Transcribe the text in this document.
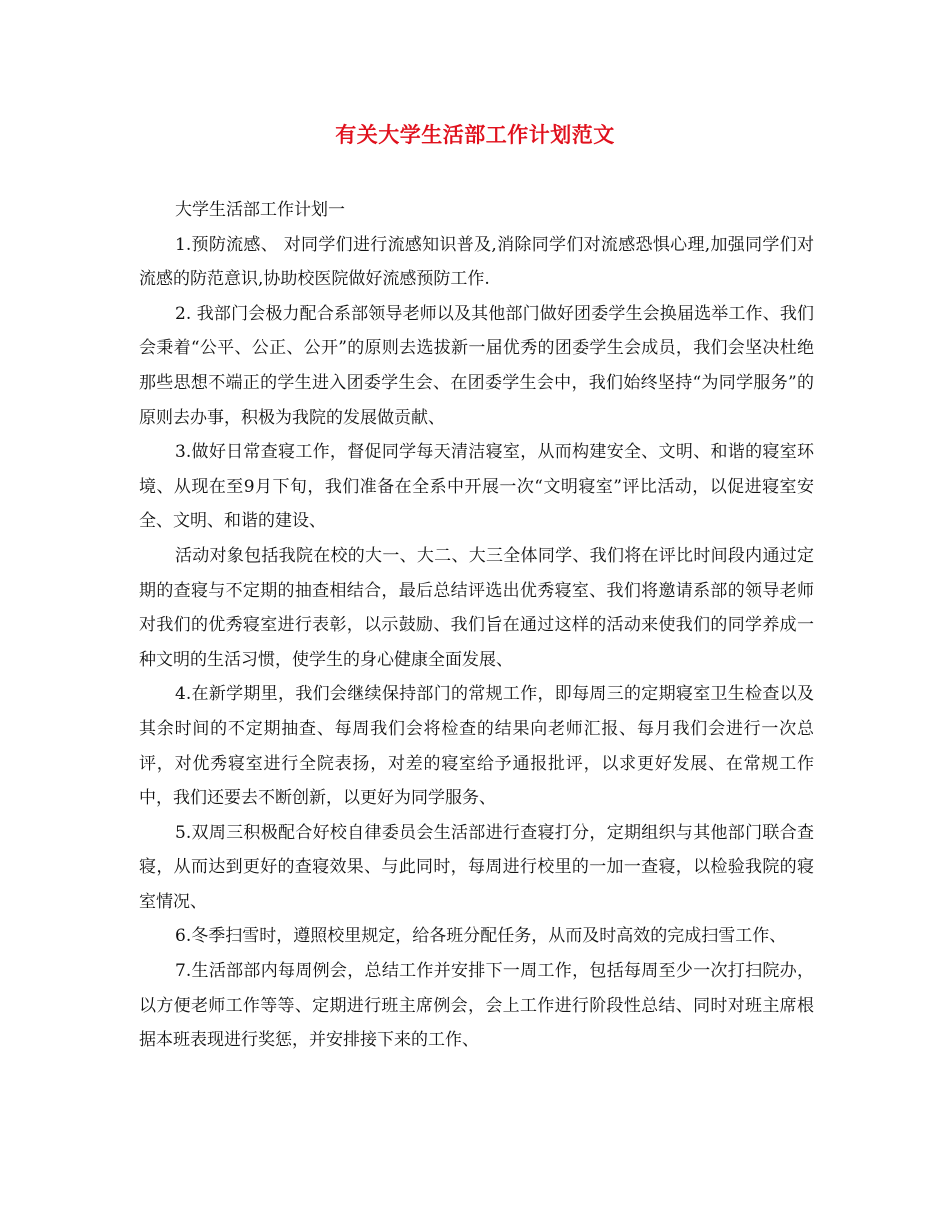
有关大学生活部工作计划范文

大学生活部工作计划一

1.预防流感、 对同学们进行流感知识普及,消除同学们对流感恐惧心理,加强同学们对流感的防范意识,协助校医院做好流感预防工作.

2. 我部门会极力配合系部领导老师以及其他部门做好团委学生会换届选举工作、我们会秉着“公平、公正、公开”的原则去选拔新一届优秀的团委学生会成员，我们会坚决杜绝那些思想不端正的学生进入团委学生会、在团委学生会中，我们始终坚持“为同学服务”的原则去办事，积极为我院的发展做贡献、

3.做好日常查寝工作，督促同学每天清洁寝室，从而构建安全、文明、和谐的寝室环境、从现在至9月下旬，我们准备在全系中开展一次“文明寝室”评比活动，以促进寝室安全、文明、和谐的建设、

活动对象包括我院在校的大一、大二、大三全体同学、我们将在评比时间段内通过定期的查寝与不定期的抽查相结合，最后总结评选出优秀寝室、我们将邀请系部的领导老师对我们的优秀寝室进行表彰，以示鼓励、我们旨在通过这样的活动来使我们的同学养成一种文明的生活习惯，使学生的身心健康全面发展、

4.在新学期里，我们会继续保持部门的常规工作，即每周三的定期寝室卫生检查以及其余时间的不定期抽查、每周我们会将检查的结果向老师汇报、每月我们会进行一次总评，对优秀寝室进行全院表扬，对差的寝室给予通报批评，以求更好发展、在常规工作中，我们还要去不断创新，以更好为同学服务、

5.双周三积极配合好校自律委员会生活部进行查寝打分，定期组织与其他部门联合查寝，从而达到更好的查寝效果、与此同时，每周进行校里的一加一查寝，以检验我院的寝室情况、

6.冬季扫雪时，遵照校里规定，给各班分配任务，从而及时高效的完成扫雪工作、

7.生活部部内每周例会，总结工作并安排下一周工作，包括每周至少一次打扫院办，以方便老师工作等等、定期进行班主席例会，会上工作进行阶段性总结、同时对班主席根据本班表现进行奖惩，并安排接下来的工作、
